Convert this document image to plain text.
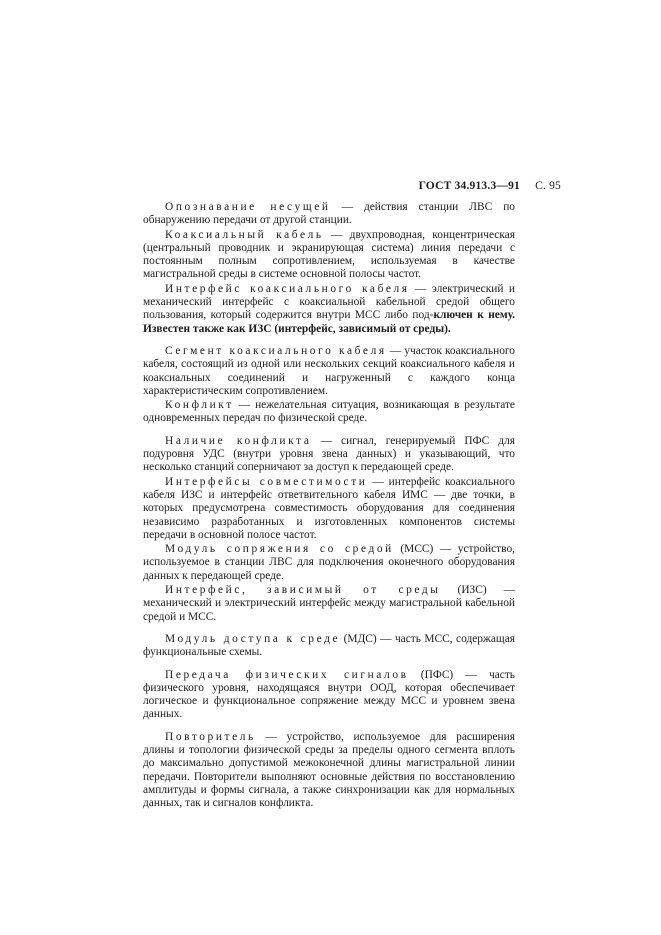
ГОСТ 34.913.3—91 С. 95

Опознавание несущей — действия станции ЛВС по обнаружению передачи от другой станции.

Коаксиальный кабель — двухпроводная, концентрическая (центральный проводник и экранирующая система) линия передачи с постоянным полным сопротивлением, используемая в качестве магистральной среды в системе основной полосы частот.

Интерфейс коаксиального кабеля — электрический и механический интерфейс с коаксиальной кабельной средой общего пользования, который содержится внутри МСС либо под-ключен к нему. Известен также как ИЗС (интерфейс, зависимый от среды).

Сегмент коаксиального кабеля — участок коаксиального кабеля, состоящий из одной или нескольких секций коаксиального кабеля и коаксиальных соединений и нагруженный с каждого конца характеристическим сопротивлением.

Конфликт — нежелательная ситуация, возникающая в результате одновременных передач по физической среде.

Наличие конфликта — сигнал, генерируемый ПФС для подуровня УДС (внутри уровня звена данных) и указывающий, что несколько станций соперничают за доступ к передающей среде.

Интерфейсы совместимости — интерфейс коаксиального кабеля ИЗС и интерфейс ответвительного кабеля ИМС — две точки, в которых предусмотрена совместимость оборудования для соединения независимо разработанных и изготовленных компонентов системы передачи в основной полосе частот.

Модуль сопряжения со средой (МСС) — устройство, используемое в станции ЛВС для подключения оконечного оборудования данных к передающей среде.

Интерфейс, зависимый от среды (ИЗС) — механический и электрический интерфейс между магистральной кабельной средой и МСС.

Модуль доступа к среде (МДС) — часть МСС, содержащая функциональные схемы.

Передача физических сигналов (ПФС) — часть физического уровня, находящаяся внутри ООД, которая обеспечивает логическое и функциональное сопряжение между МСС и уровнем звена данных.

Повторитель — устройство, используемое для расширения длины и топологии физической среды за пределы одного сегмента вплоть до максимально допустимой межоконечной длины магистральной линии передачи. Повторители выполняют основные действия по восстановлению амплитуды и формы сигнала, а также синхронизации как для нормальных данных, так и сигналов конфликта.
